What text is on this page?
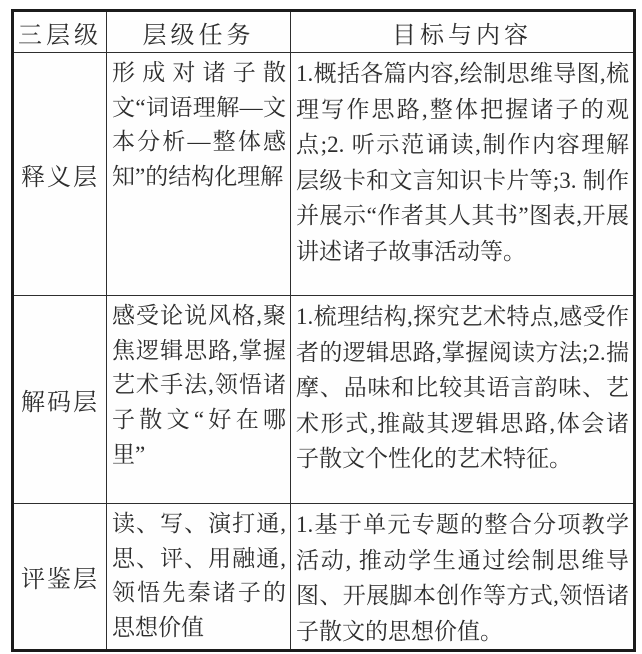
三层级	层级任务	目标与内容
释义层	形成对诸子散文“词语理解—文本分析—整体感知”的结构化理解	1.概括各篇内容,绘制思维导图,梳理写作思路,整体把握诸子的观点;2. 听示范诵读,制作内容理解层级卡和文言知识卡片等;3. 制作并展示“作者其人其书”图表,开展讲述诸子故事活动等。
解码层	感受论说风格,聚焦逻辑思路,掌握艺术手法,领悟诸子散文“好在哪里”	1.梳理结构,探究艺术特点,感受作者的逻辑思路,掌握阅读方法;2.揣摩、品味和比较其语言韵味、艺术形式,推敲其逻辑思路,体会诸子散文个性化的艺术特征。
评鉴层	读、写、演打通,思、评、用融通,领悟先秦诸子的思想价值	1.基于单元专题的整合分项教学活动, 推动学生通过绘制思维导图、开展脚本创作等方式,领悟诸子散文的思想价值。
